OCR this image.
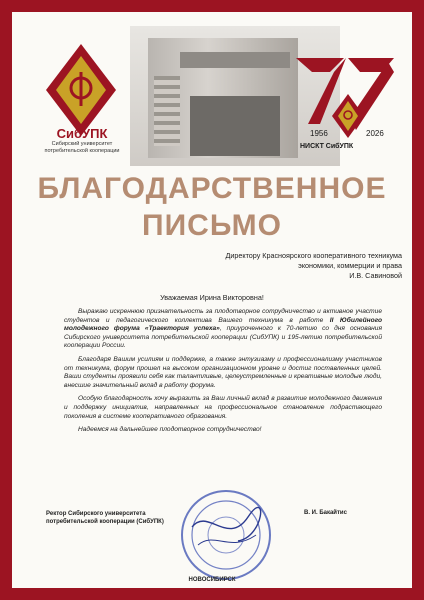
СибУПК
Сибирский университет потребительской кооперации
1956	2026
НИСКТ СибУПК
БЛАГОДАРСТВЕННОЕ
ПИСЬМО
Директору Красноярского кооперативного техникума
экономики, коммерции и права
И.В. Савиновой
Уважаемая Ирина Викторовна!

Выражаю искреннюю признательность за плодотворное сотрудничество и активное участие студентов и педагогического коллектива Вашего техникума в работе II Юбилейного молодежного форума «Траектория успеха», приуроченного к 70-летию со дня основания Сибирского университета потребительской кооперации (СибУПК) и 195-летию потребительской кооперации России.

Благодаря Вашим усилиям и поддержке, а также энтузиазму и профессионализму участников от техникума, форум прошел на высоком организационном уровне и достиг поставленных целей. Ваши студенты проявили себя как талантливые, целеустремленные и креативные молодые люди, внесшие значительный вклад в работу форума.

Особую благодарность хочу выразить за Ваш личный вклад в развитие молодежного движения и поддержку инициатив, направленных на профессиональное становление подрастающего поколения в системе кооперативного образования.

Надеемся на дальнейшее плодотворное сотрудничество!

Ректор Сибирского университета
потребительской кооперации (СибУПК)
В. И. Бакайтис
НОВОСИБИРСК
